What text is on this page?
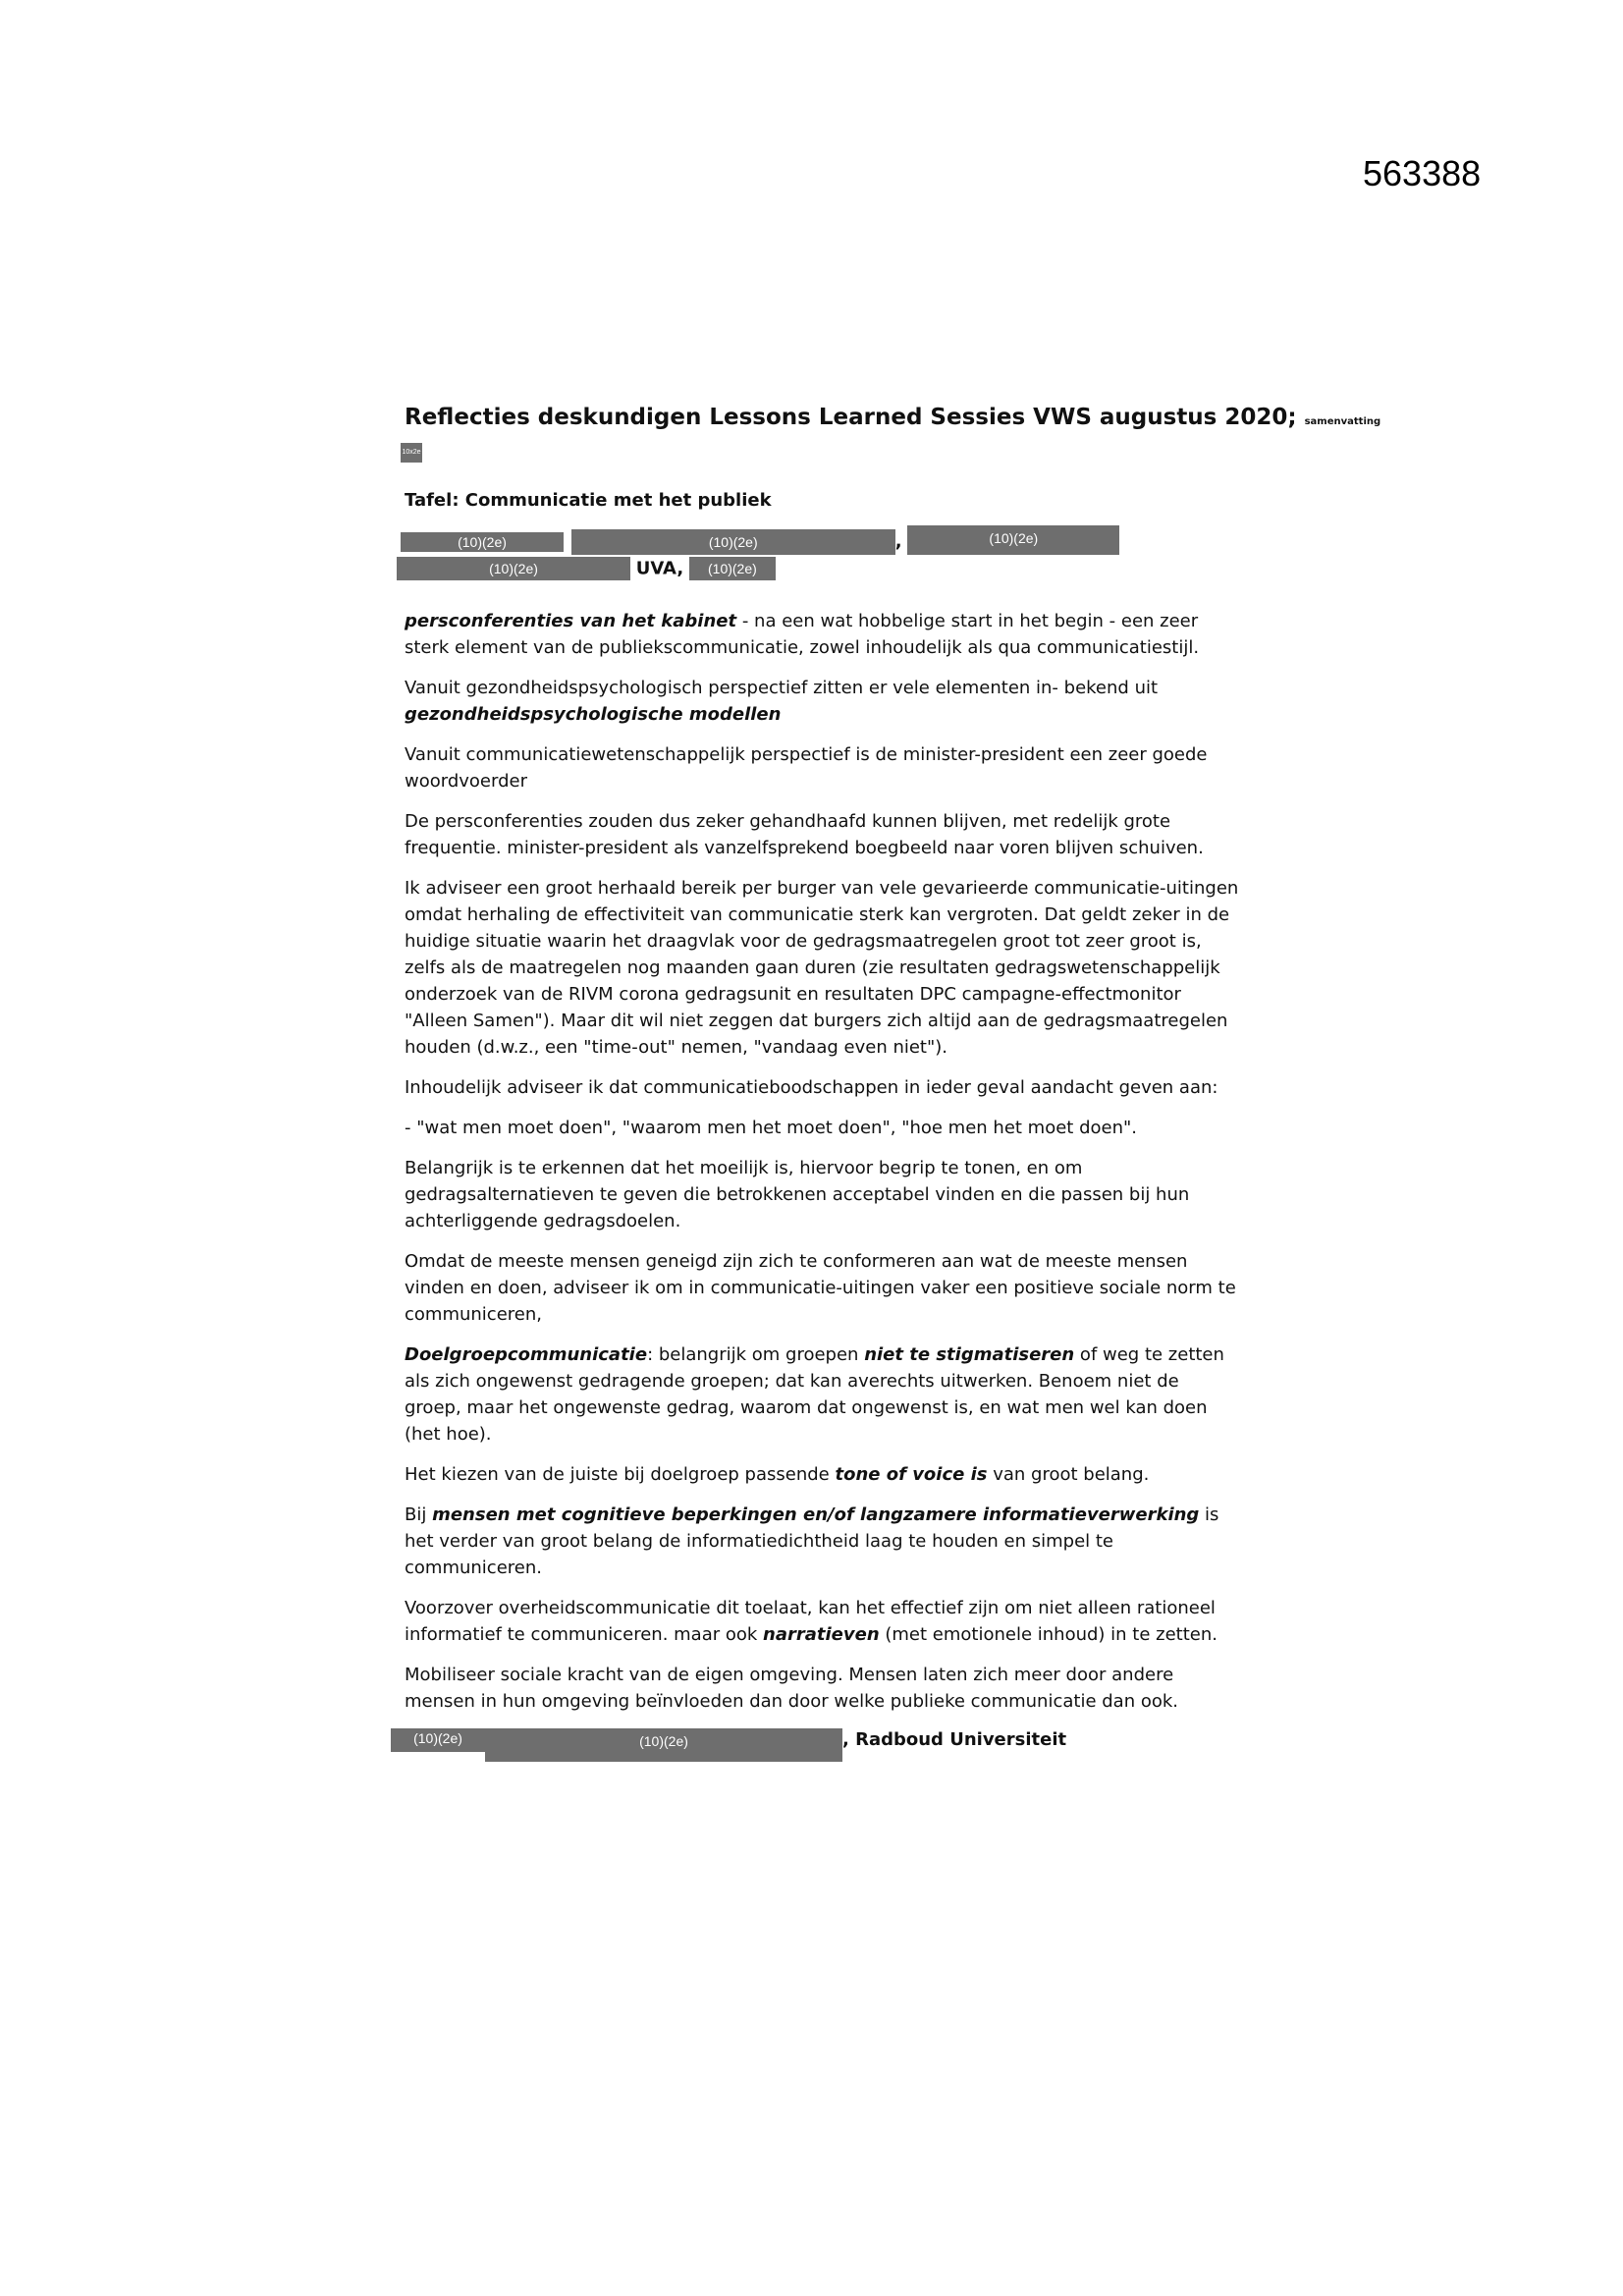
563388
Reflecties deskundigen Lessons Learned Sessies VWS augustus 2020; samenvatting
10x2e
Tafel: Communicatie met het publiek
(10)(2e)	(10)(2e)	,	(10)(2e)
(10)(2e)	UVA, (10)(2e)

persconferenties van het kabinet - na een wat hobbelige start in het begin - een zeer sterk element van de publiekscommunicatie, zowel inhoudelijk als qua communicatiestijl.

Vanuit gezondheidspsychologisch perspectief zitten er vele elementen in- bekend uit gezondheidspsychologische modellen

Vanuit communicatiewetenschappelijk perspectief is de minister-president een zeer goede woordvoerder

De persconferenties zouden dus zeker gehandhaafd kunnen blijven, met redelijk grote frequentie. minister-president als vanzelfsprekend boegbeeld naar voren blijven schuiven.

Ik adviseer een groot herhaald bereik per burger van vele gevarieerde communicatie-uitingen omdat herhaling de effectiviteit van communicatie sterk kan vergroten. Dat geldt zeker in de huidige situatie waarin het draagvlak voor de gedragsmaatregelen groot tot zeer groot is, zelfs als de maatregelen nog maanden gaan duren (zie resultaten gedragswetenschappelijk onderzoek van de RIVM corona gedragsunit en resultaten DPC campagne-effectmonitor "Alleen Samen"). Maar dit wil niet zeggen dat burgers zich altijd aan de gedragsmaatregelen houden (d.w.z., een "time-out" nemen, "vandaag even niet").

Inhoudelijk adviseer ik dat communicatieboodschappen in ieder geval aandacht geven aan:

- "wat men moet doen", "waarom men het moet doen", "hoe men het moet doen".

Belangrijk is te erkennen dat het moeilijk is, hiervoor begrip te tonen, en om gedragsalternatieven te geven die betrokkenen acceptabel vinden en die passen bij hun achterliggende gedragsdoelen.

Omdat de meeste mensen geneigd zijn zich te conformeren aan wat de meeste mensen vinden en doen, adviseer ik om in communicatie-uitingen vaker een positieve sociale norm te communiceren,

Doelgroepcommunicatie: belangrijk om groepen niet te stigmatiseren of weg te zetten als zich ongewenst gedragende groepen; dat kan averechts uitwerken. Benoem niet de groep, maar het ongewenste gedrag, waarom dat ongewenst is, en wat men wel kan doen (het hoe).

Het kiezen van de juiste bij doelgroep passende tone of voice is van groot belang.

Bij mensen met cognitieve beperkingen en/of langzamere informatieverwerking is het verder van groot belang de informatiedichtheid laag te houden en simpel te communiceren.

Voorzover overheidscommunicatie dit toelaat, kan het effectief zijn om niet alleen rationeel informatief te communiceren. maar ook narratieven (met emotionele inhoud) in te zetten.

Mobiliseer sociale kracht van de eigen omgeving. Mensen laten zich meer door andere mensen in hun omgeving beïnvloeden dan door welke publieke communicatie dan ook.

(10)(2e)	(10)(2e)	, Radboud Universiteit
